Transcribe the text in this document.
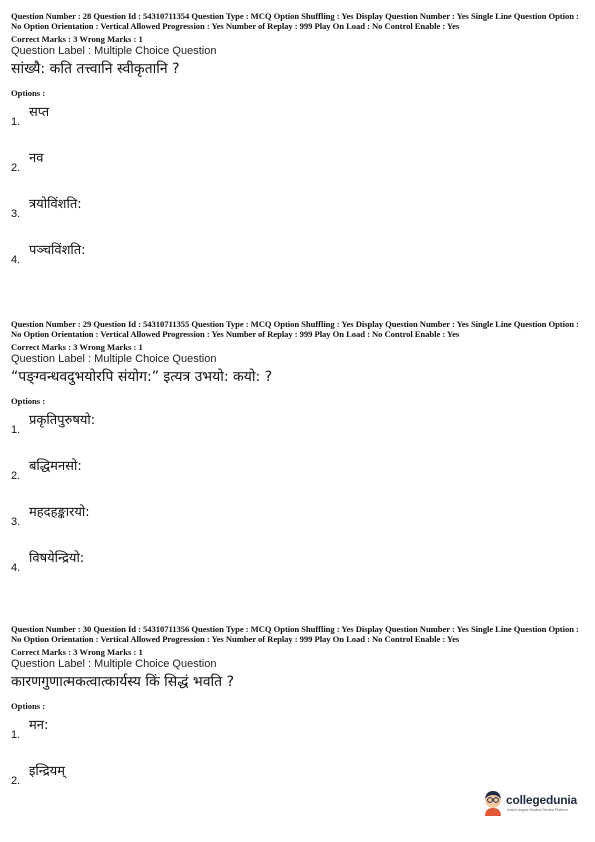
Question Number : 28 Question Id : 54310711354 Question Type : MCQ Option Shuffling : Yes Display Question Number : Yes Single Line Question Option : No Option Orientation : Vertical Allowed Progression : Yes Number of Replay : 999 Play On Load : No Control Enable : Yes

Correct Marks : 3 Wrong Marks : 1
Question Label : Multiple Choice Question
सांख्यै: कति तत्त्वानि स्वीकृतानि ?
Options :
सप्त
1.
नव
2.
त्रयोविंशति:
3.
पञ्चविंशति:
4.

Question Number : 29 Question Id : 54310711355 Question Type : MCQ Option Shuffling : Yes Display Question Number : Yes Single Line Question Option : No Option Orientation : Vertical Allowed Progression : Yes Number of Replay : 999 Play On Load : No Control Enable : Yes

Correct Marks : 3 Wrong Marks : 1
Question Label : Multiple Choice Question
“पङ्ग्वन्धवदुभयोरपि संयोग:” इत्यत्र उभयो: कयो: ?
Options :
प्रकृतिपुरुषयो:
1.
बद्धिमनसो:
2.
महदहङ्कारयो:
3.
विषयेन्द्रियो:
4.

Question Number : 30 Question Id : 54310711356 Question Type : MCQ Option Shuffling : Yes Display Question Number : Yes Single Line Question Option : No Option Orientation : Vertical Allowed Progression : Yes Number of Replay : 999 Play On Load : No Control Enable : Yes

Correct Marks : 3 Wrong Marks : 1
Question Label : Multiple Choice Question
कारणगुणात्मकत्वात्कार्यस्य किं सिद्धं भवति ?
Options :
मन:
1.
इन्द्रियम्
2.
collegedunia
India's largest Student Review Platform
